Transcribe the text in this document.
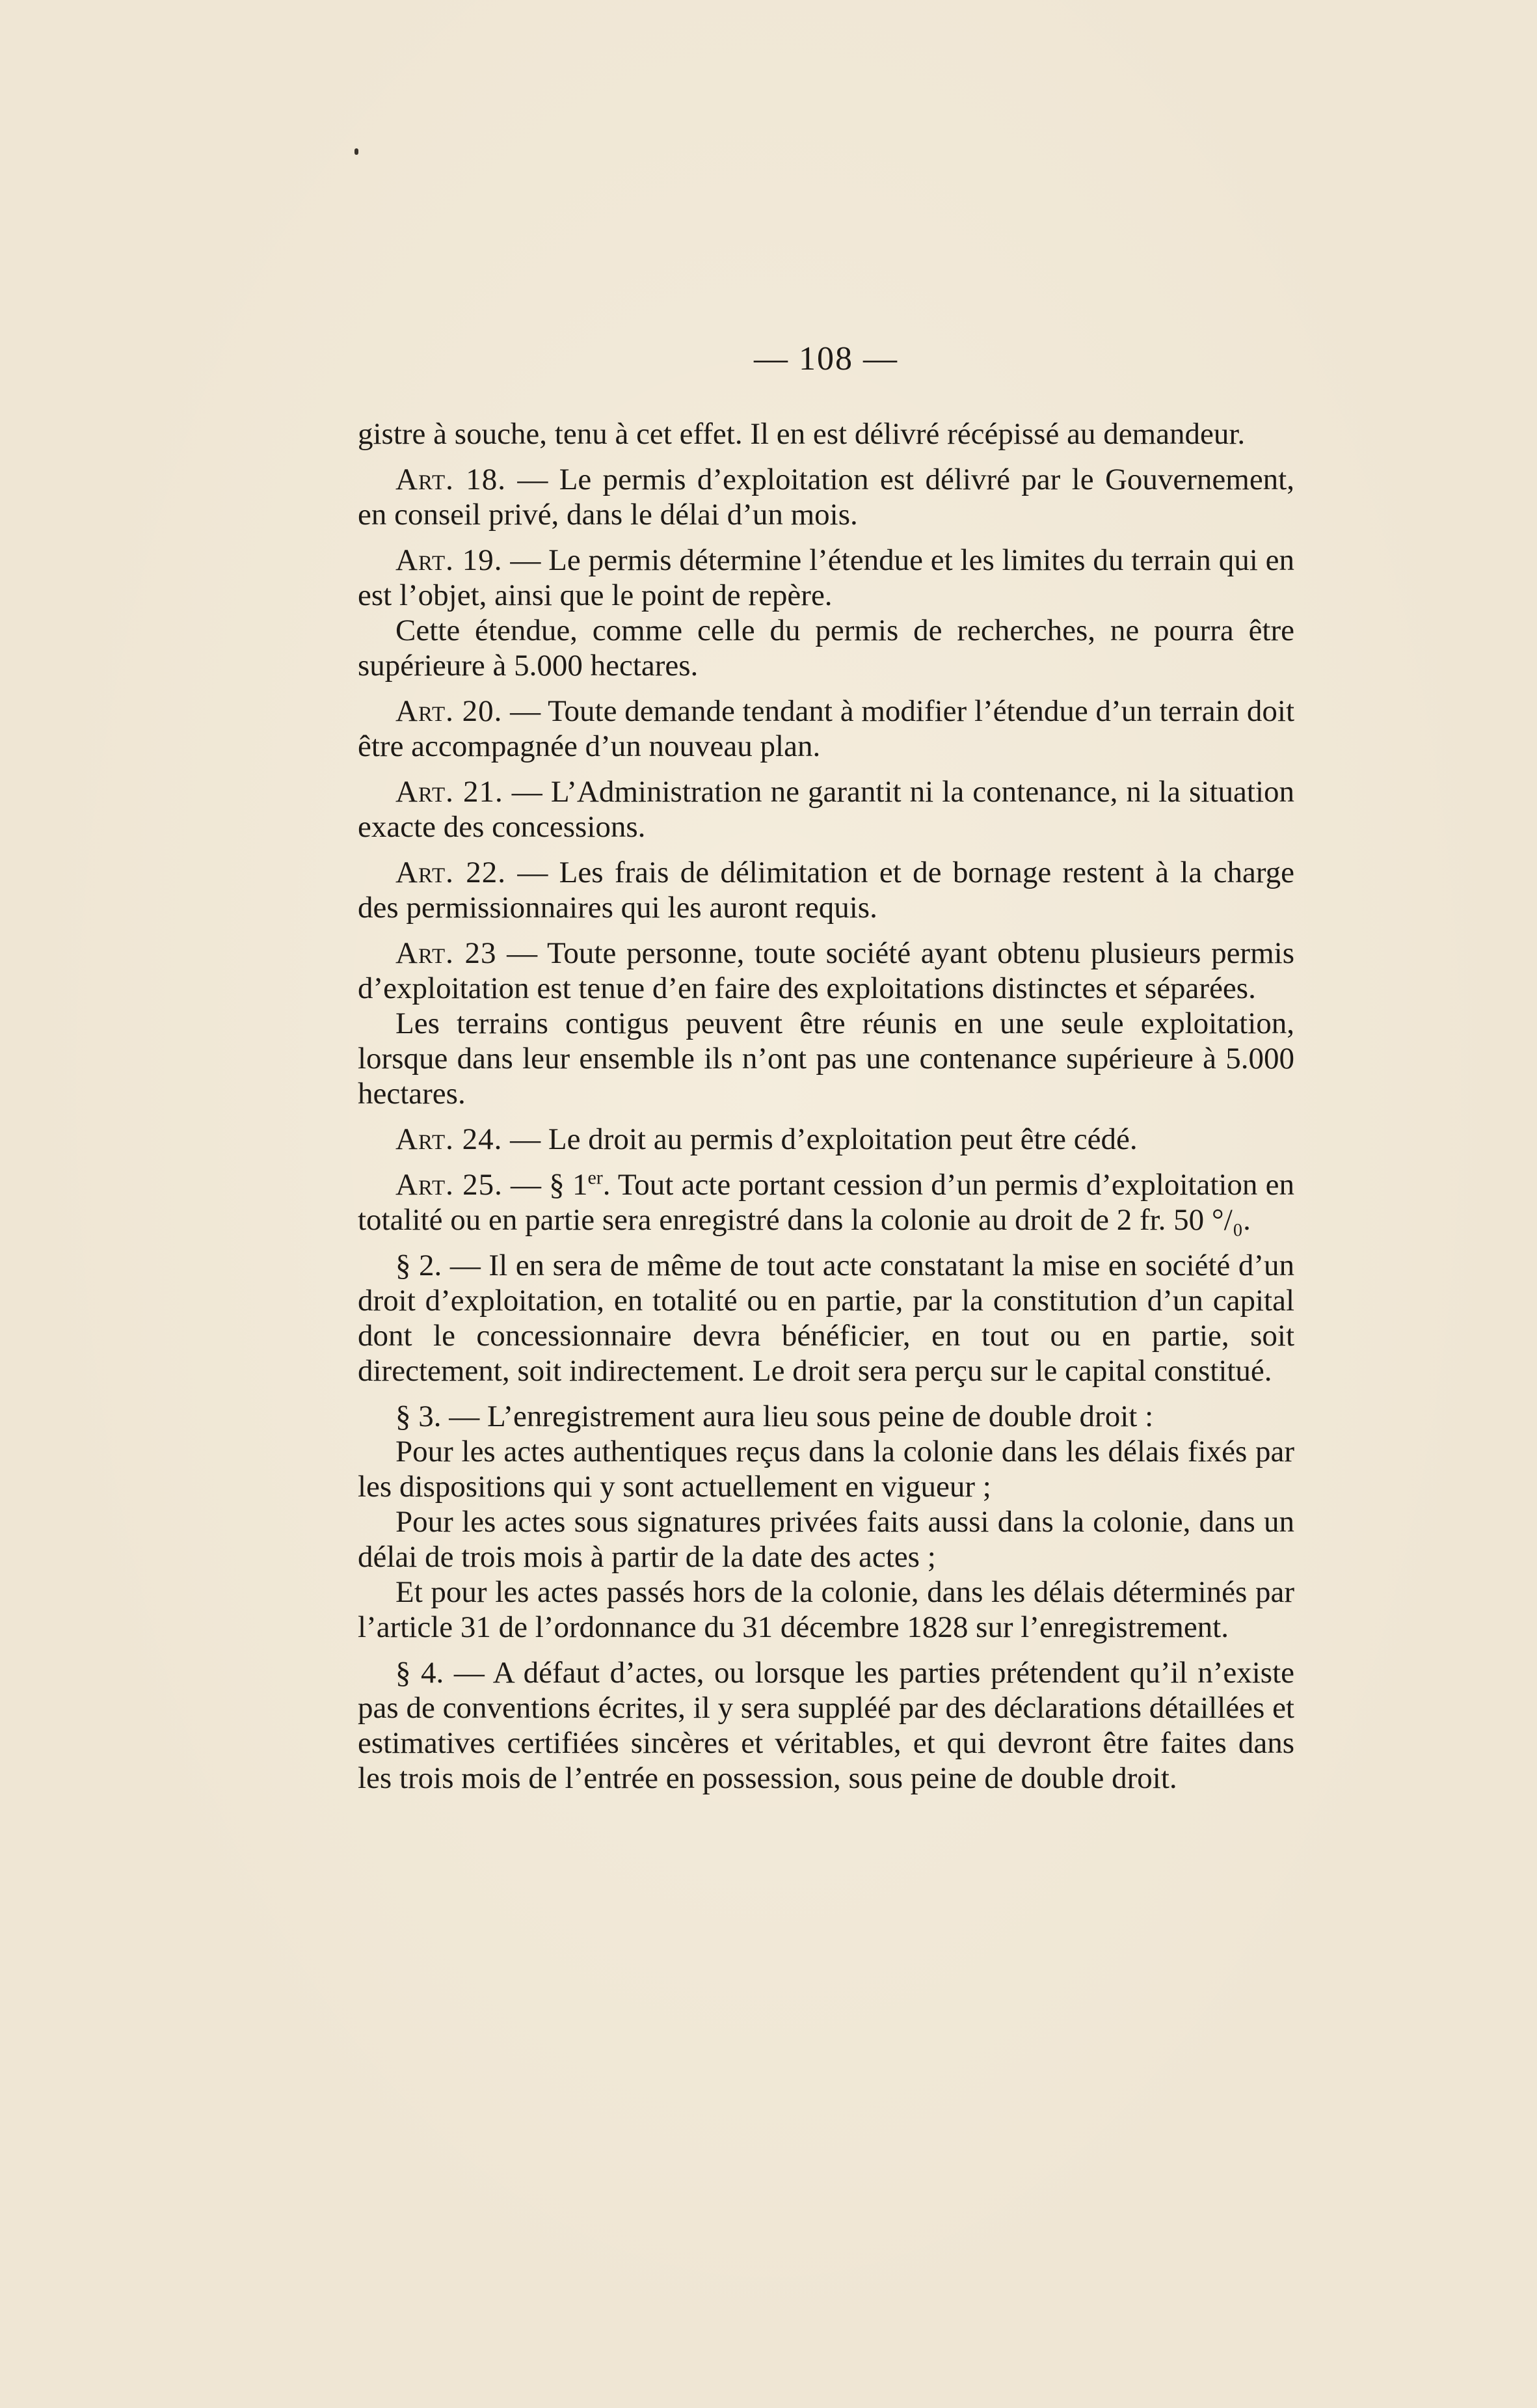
— 108 —

gistre à souche, tenu à cet effet. Il en est délivré récépissé au demandeur.

Art. 18. — Le permis d’exploitation est délivré par le Gouvernement, en conseil privé, dans le délai d’un mois.

Art. 19. — Le permis détermine l’étendue et les limites du terrain qui en est l’objet, ainsi que le point de repère.

Cette étendue, comme celle du permis de recherches, ne pourra être supérieure à 5.000 hectares.

Art. 20. — Toute demande tendant à modifier l’étendue d’un terrain doit être accompagnée d’un nouveau plan.

Art. 21. — L’Administration ne garantit ni la contenance, ni la situation exacte des concessions.

Art. 22. — Les frais de délimitation et de bornage restent à la charge des permissionnaires qui les auront requis.

Art. 23 — Toute personne, toute société ayant obtenu plusieurs permis d’exploitation est tenue d’en faire des exploitations distinctes et séparées.

Les terrains contigus peuvent être réunis en une seule exploitation, lorsque dans leur ensemble ils n’ont pas une contenance supérieure à 5.000 hectares.

Art. 24. — Le droit au permis d’exploitation peut être cédé.

Art. 25. — § 1er. Tout acte portant cession d’un permis d’exploitation en totalité ou en partie sera enregistré dans la colonie au droit de 2 fr. 50 °/₀.

§ 2. — Il en sera de même de tout acte constatant la mise en société d’un droit d’exploitation, en totalité ou en partie, par la constitution d’un capital dont le concessionnaire devra bénéficier, en tout ou en partie, soit directement, soit indirectement. Le droit sera perçu sur le capital constitué.

§ 3. — L’enregistrement aura lieu sous peine de double droit :

Pour les actes authentiques reçus dans la colonie dans les délais fixés par les dispositions qui y sont actuellement en vigueur ;

Pour les actes sous signatures privées faits aussi dans la colonie, dans un délai de trois mois à partir de la date des actes ;

Et pour les actes passés hors de la colonie, dans les délais déterminés par l’article 31 de l’ordonnance du 31 décembre 1828 sur l’enregistrement.

§ 4. — A défaut d’actes, ou lorsque les parties prétendent qu’il n’existe pas de conventions écrites, il y sera suppléé par des déclarations détaillées et estimatives certifiées sincères et véritables, et qui devront être faites dans les trois mois de l’entrée en possession, sous peine de double droit.
